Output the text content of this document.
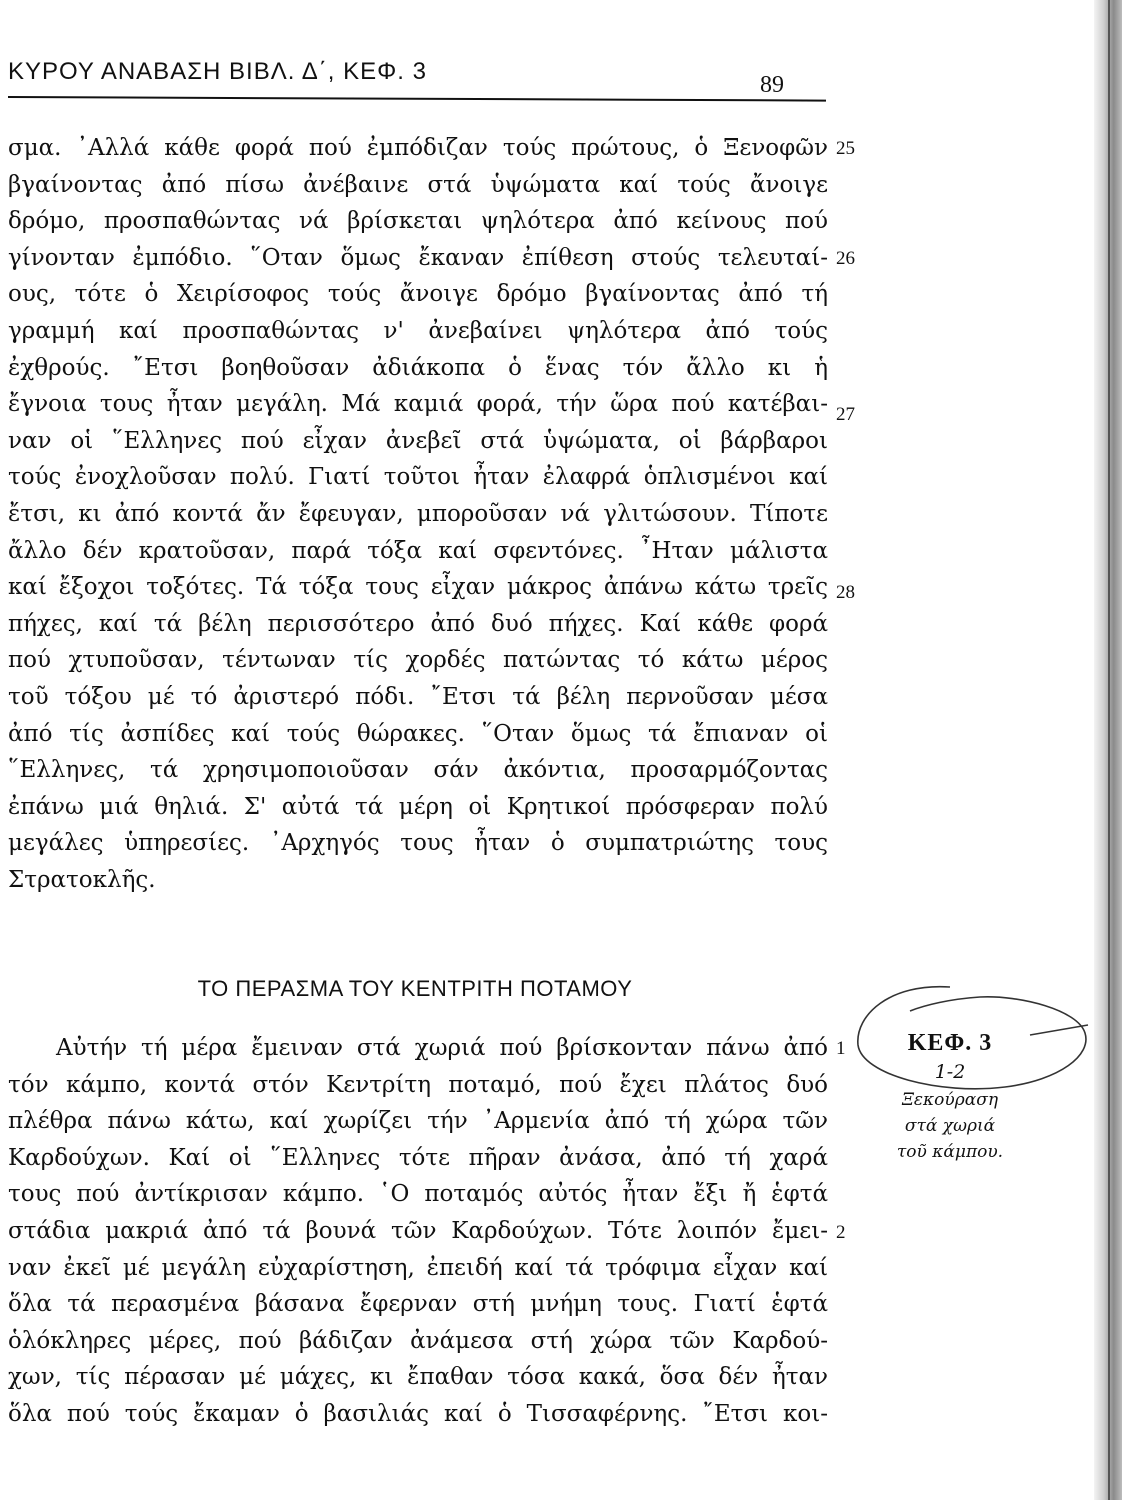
ΚΥΡΟΥ ΑΝΑΒΑΣΗ ΒΙΒΛ. Δ΄, ΚΕΦ. 3	89
σμα. ᾽Αλλά κάθε φορά πού ἐμπόδιζαν τούς πρώτους, ὁ Ξενοφῶν
βγαίνοντας ἀπό πίσω ἀνέβαινε στά ὑψώματα καί τούς ἄνοιγε
δρόμο, προσπαθώντας νά βρίσκεται ψηλότερα ἀπό κείνους πού
γίνονταν ἐμπόδιο. ῞Οταν ὅμως ἔκαναν ἐπίθεση στούς τελευταί-
ους, τότε ὁ Χειρίσοφος τούς ἄνοιγε δρόμο βγαίνοντας ἀπό τή
γραμμή καί προσπαθώντας ν' ἀνεβαίνει ψηλότερα ἀπό τούς
ἐχθρούς. ῎Ετσι βοηθοῦσαν ἀδιάκοπα ὁ ἕνας τόν ἄλλο κι ἡ
ἔγνοια τους ἦταν μεγάλη. Μά καμιά φορά, τήν ὥρα πού κατέβαι-
ναν οἱ ῞Ελληνες πού εἶχαν ἀνεβεῖ στά ὑψώματα, οἱ βάρβαροι
τούς ἐνοχλοῦσαν πολύ. Γιατί τοῦτοι ἦταν ἐλαφρά ὁπλισμένοι καί
ἔτσι, κι ἀπό κοντά ἄν ἔφευγαν, μποροῦσαν νά γλιτώσουν. Τίποτε
ἄλλο δέν κρατοῦσαν, παρά τόξα καί σφεντόνες. ῏Ηταν μάλιστα
καί ἔξοχοι τοξότες. Τά τόξα τους εἶχαν μάκρος ἀπάνω κάτω τρεῖς
πήχες, καί τά βέλη περισσότερο ἀπό δυό πήχες. Καί κάθε φορά
πού χτυποῦσαν, τέντωναν τίς χορδές πατώντας τό κάτω μέρος
τοῦ τόξου μέ τό ἀριστερό πόδι. ῎Ετσι τά βέλη περνοῦσαν μέσα
ἀπό τίς ἀσπίδες καί τούς θώρακες. ῞Οταν ὅμως τά ἔπιαναν οἱ
῞Ελληνες, τά χρησιμοποιοῦσαν σάν ἀκόντια, προσαρμόζοντας
ἐπάνω μιά θηλιά. Σ' αὐτά τά μέρη οἱ Κρητικοί πρόσφεραν πολύ
μεγάλες ὑπηρεσίες. ᾽Αρχηγός τους ἦταν ὁ συμπατριώτης τους
Στρατοκλῆς.
25
26
27
28
ΤΟ ΠΕΡΑΣΜΑ ΤΟΥ ΚΕΝΤΡΙΤΗ ΠΟΤΑΜΟΥ
Αὐτήν τή μέρα ἔμειναν στά χωριά πού βρίσκονταν πάνω ἀπό
τόν κάμπο, κοντά στόν Κεντρίτη ποταμό, πού ἔχει πλάτος δυό
πλέθρα πάνω κάτω, καί χωρίζει τήν ᾽Αρμενία ἀπό τή χώρα τῶν
Καρδούχων. Καί οἱ ῞Ελληνες τότε πῆραν ἀνάσα, ἀπό τή χαρά
τους πού ἀντίκρισαν κάμπο. ῾Ο ποταμός αὐτός ἦταν ἔξι ἤ ἑφτά
στάδια μακριά ἀπό τά βουνά τῶν Καρδούχων. Τότε λοιπόν ἔμει-
ναν ἐκεῖ μέ μεγάλη εὐχαρίστηση, ἐπειδή καί τά τρόφιμα εἶχαν καί
ὅλα τά περασμένα βάσανα ἔφερναν στή μνήμη τους. Γιατί ἑφτά
ὁλόκληρες μέρες, πού βάδιζαν ἀνάμεσα στή χώρα τῶν Καρδού-
χων, τίς πέρασαν μέ μάχες, κι ἔπαθαν τόσα κακά, ὅσα δέν ἦταν
ὅλα πού τούς ἔκαμαν ὁ βασιλιάς καί ὁ Τισσαφέρνης. ῎Ετσι κοι-
1
2
ΚΕΦ. 3
1-2
Ξεκούραση
στά χωριά
τοῦ κάμπου.
